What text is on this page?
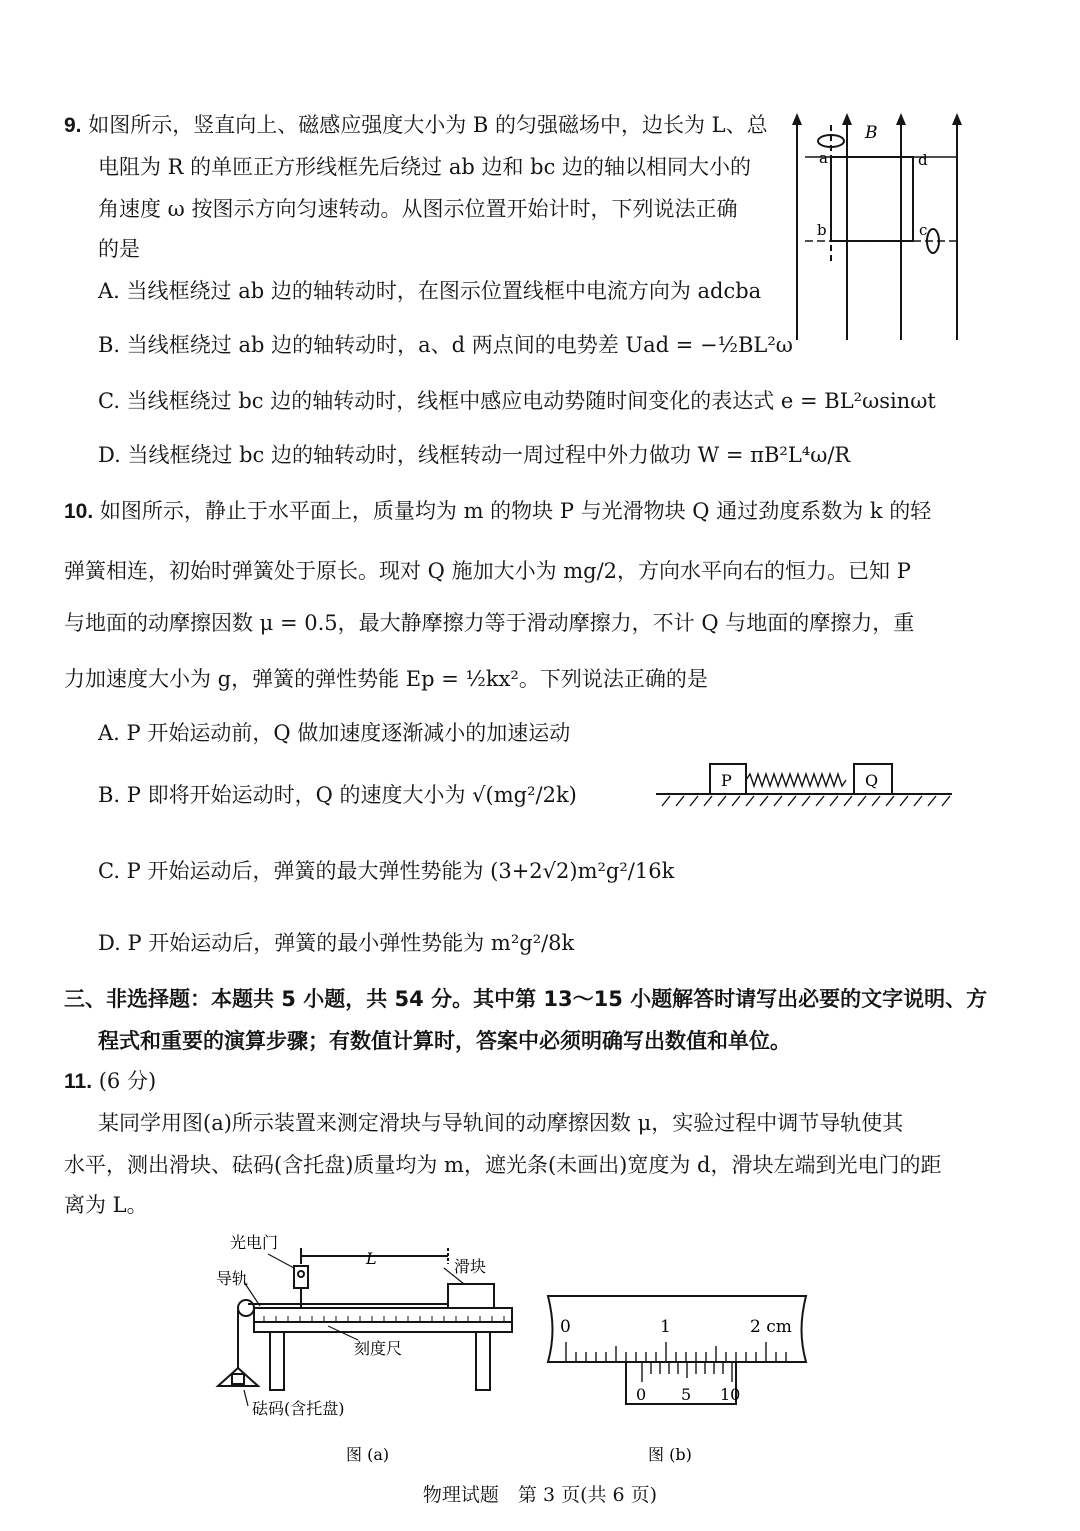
9. 如图所示，竖直向上、磁感应强度大小为 B 的匀强磁场中，边长为 L、总
电阻为 R 的单匝正方形线框先后绕过 ab 边和 bc 边的轴以相同大小的
角速度 ω 按图示方向匀速转动。从图示位置开始计时，下列说法正确
的是
A. 当线框绕过 ab 边的轴转动时，在图示位置线框中电流方向为 adcba
B. 当线框绕过 ab 边的轴转动时，a、d 两点间的电势差 Uad = −½BL²ω
C. 当线框绕过 bc 边的轴转动时，线框中感应电动势随时间变化的表达式 e = BL²ωsinωt
D. 当线框绕过 bc 边的轴转动时，线框转动一周过程中外力做功 W = πB²L⁴ω/R
B
a	d
b	c
10. 如图所示，静止于水平面上，质量均为 m 的物块 P 与光滑物块 Q 通过劲度系数为 k 的轻
弹簧相连，初始时弹簧处于原长。现对 Q 施加大小为 mg/2，方向水平向右的恒力。已知 P
与地面的动摩擦因数 μ = 0.5，最大静摩擦力等于滑动摩擦力，不计 Q 与地面的摩擦力，重
力加速度大小为 g，弹簧的弹性势能 Ep = ½kx²。下列说法正确的是
A. P 开始运动前，Q 做加速度逐渐减小的加速运动
B. P 即将开始运动时，Q 的速度大小为 √(mg²/2k)
C. P 开始运动后，弹簧的最大弹性势能为 (3+2√2)m²g²/16k
D. P 开始运动后，弹簧的最小弹性势能为 m²g²/8k
P	Q
三、非选择题：本题共 5 小题，共 54 分。其中第 13～15 小题解答时请写出必要的文字说明、方
程式和重要的演算步骤；有数值计算时，答案中必须明确写出数值和单位。
11. (6 分)
某同学用图(a)所示装置来测定滑块与导轨间的动摩擦因数 μ，实验过程中调节导轨使其
水平，测出滑块、砝码(含托盘)质量均为 m，遮光条(未画出)宽度为 d，滑块左端到光电门的距
离为 L。
光电门
L	滑块
导轨
刻度尺
砝码(含托盘)
图 (a)
0	1	2 cm
0 5 10
图 (b)
物理试题　第 3 页(共 6 页)
